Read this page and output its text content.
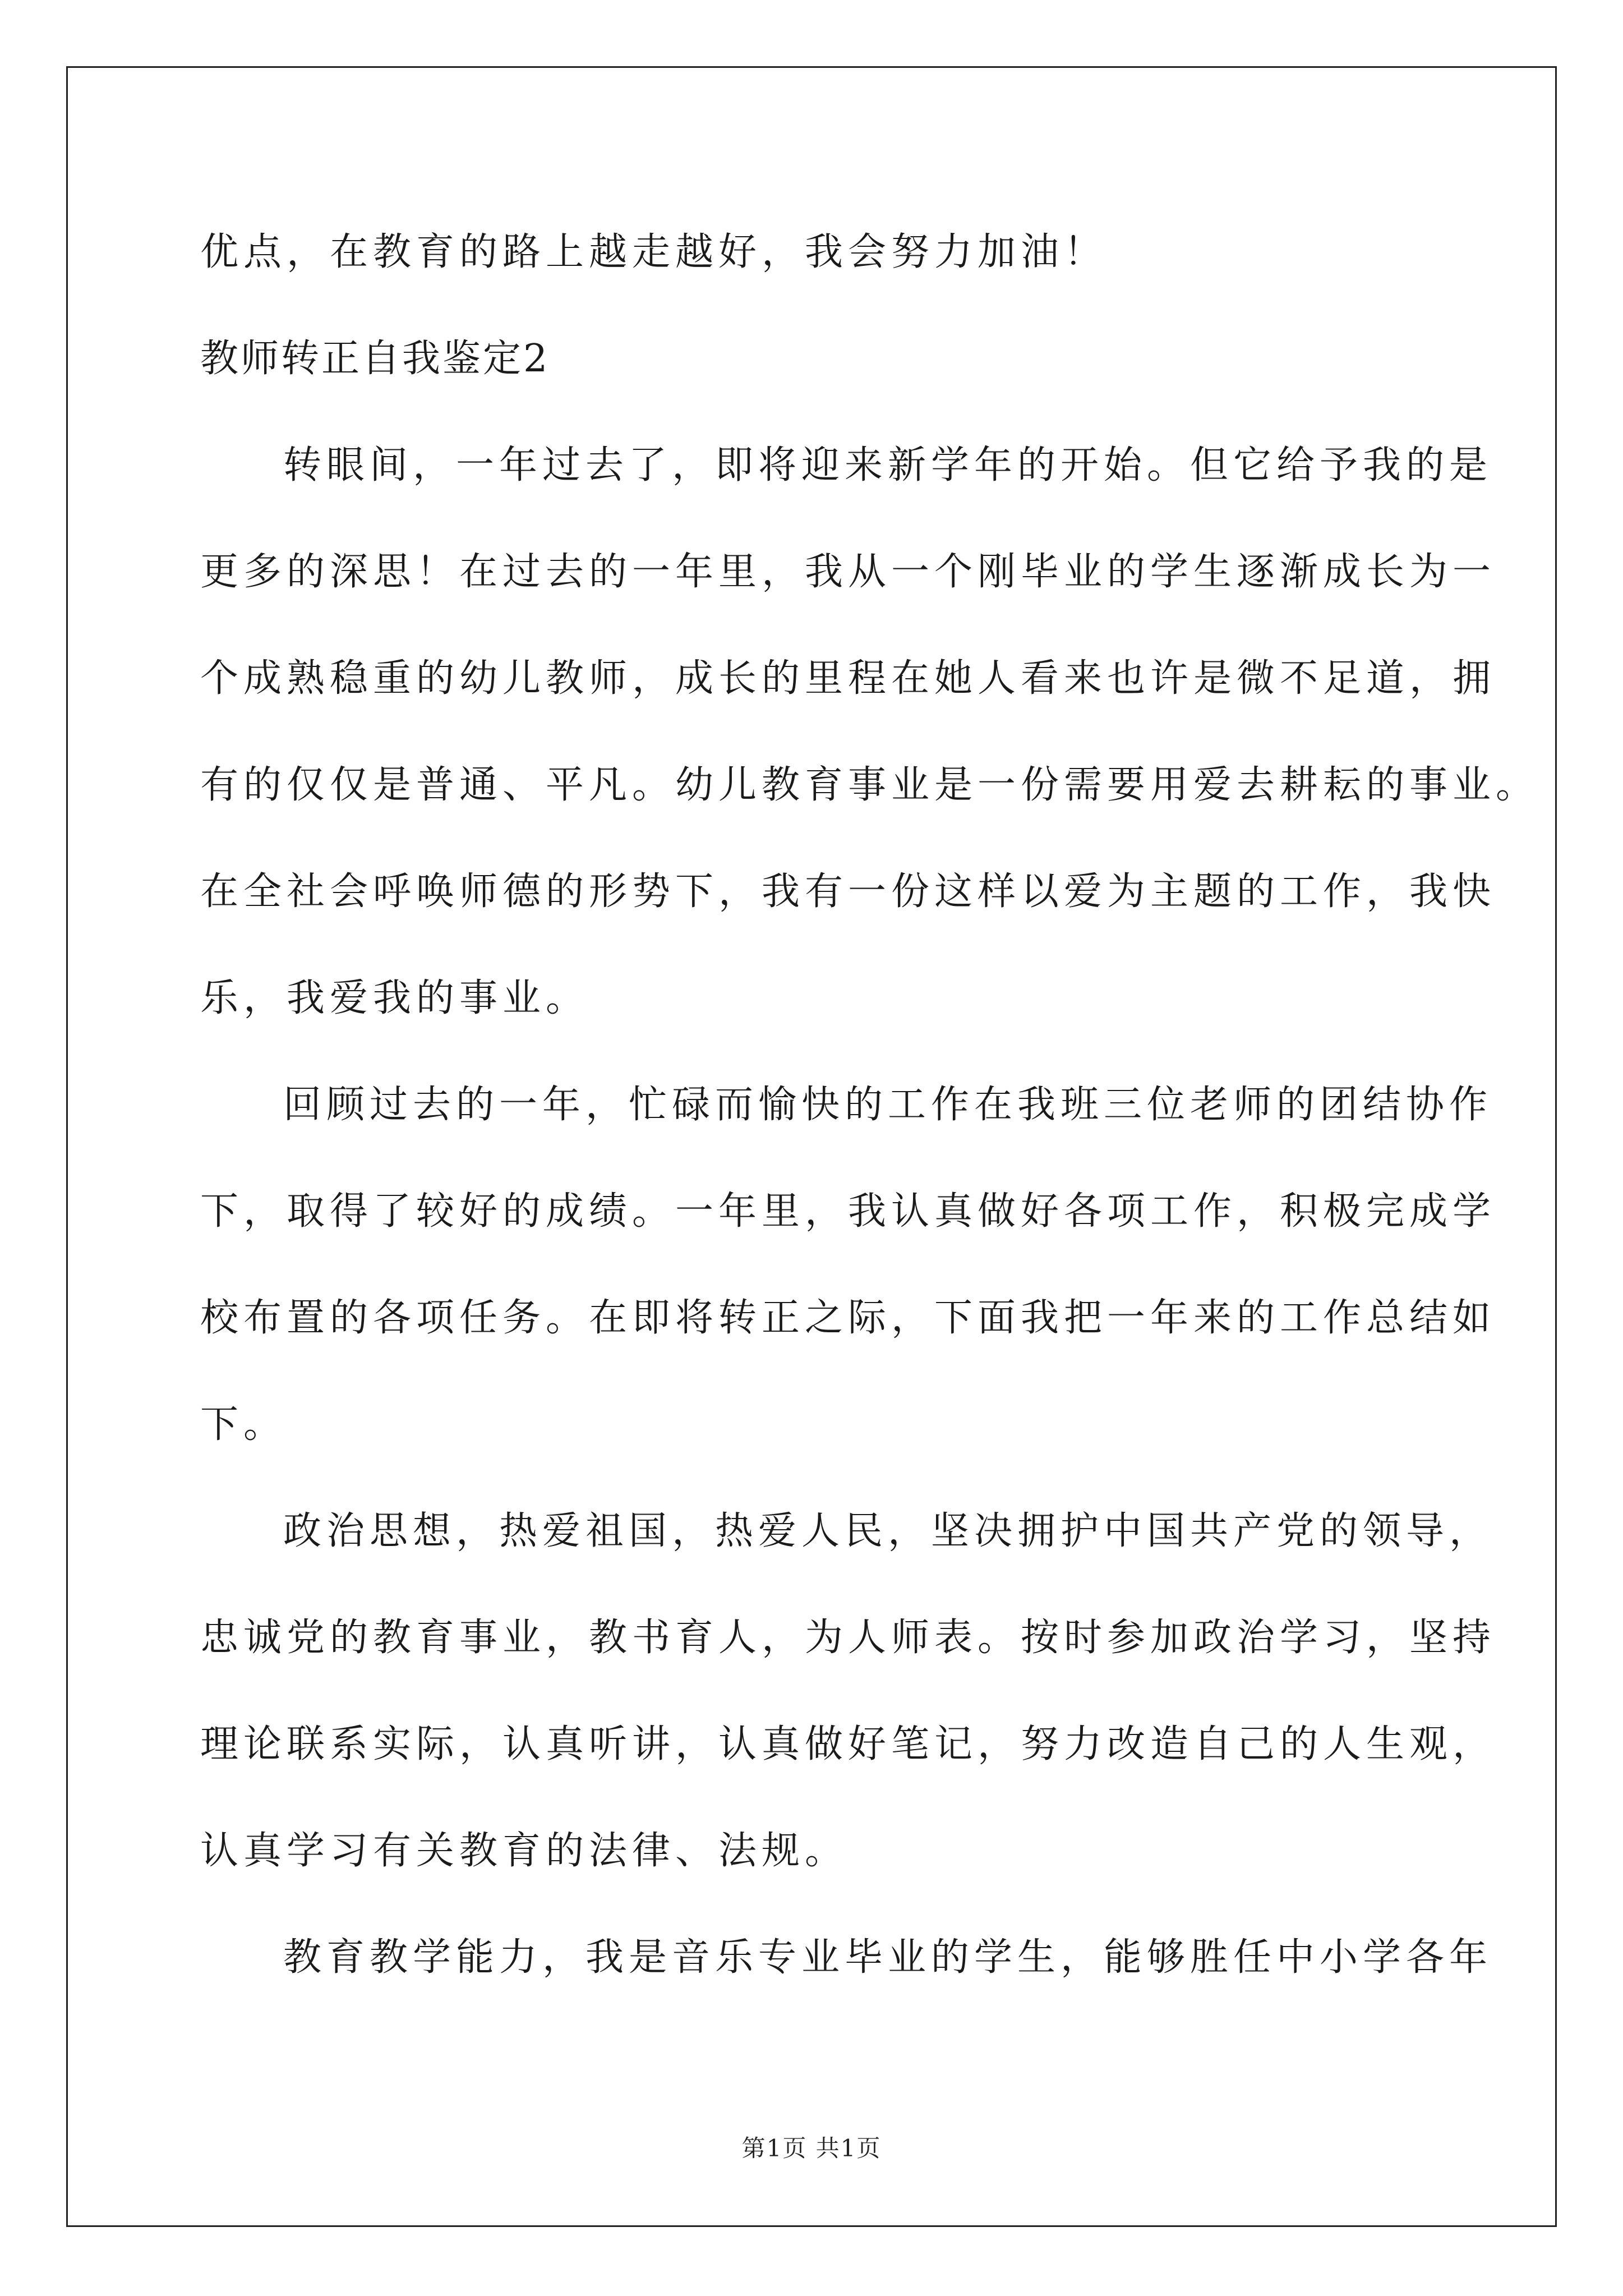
优点，在教育的路上越走越好，我会努力加油！

教师转正自我鉴定2

转眼间，一年过去了，即将迎来新学年的开始。但它给予我的是

更多的深思！在过去的一年里，我从一个刚毕业的学生逐渐成长为一

个成熟稳重的幼儿教师，成长的里程在她人看来也许是微不足道，拥

有的仅仅是普通、平凡。幼儿教育事业是一份需要用爱去耕耘的事业。

在全社会呼唤师德的形势下，我有一份这样以爱为主题的工作，我快

乐，我爱我的事业。

回顾过去的一年，忙碌而愉快的工作在我班三位老师的团结协作

下，取得了较好的成绩。一年里，我认真做好各项工作，积极完成学

校布置的各项任务。在即将转正之际，下面我把一年来的工作总结如

下。

政治思想，热爱祖国，热爱人民，坚决拥护中国共产党的领导，

忠诚党的教育事业，教书育人，为人师表。按时参加政治学习，坚持

理论联系实际，认真听讲，认真做好笔记，努力改造自己的人生观，

认真学习有关教育的法律、法规。

教育教学能力，我是音乐专业毕业的学生，能够胜任中小学各年

第1页 共1页
